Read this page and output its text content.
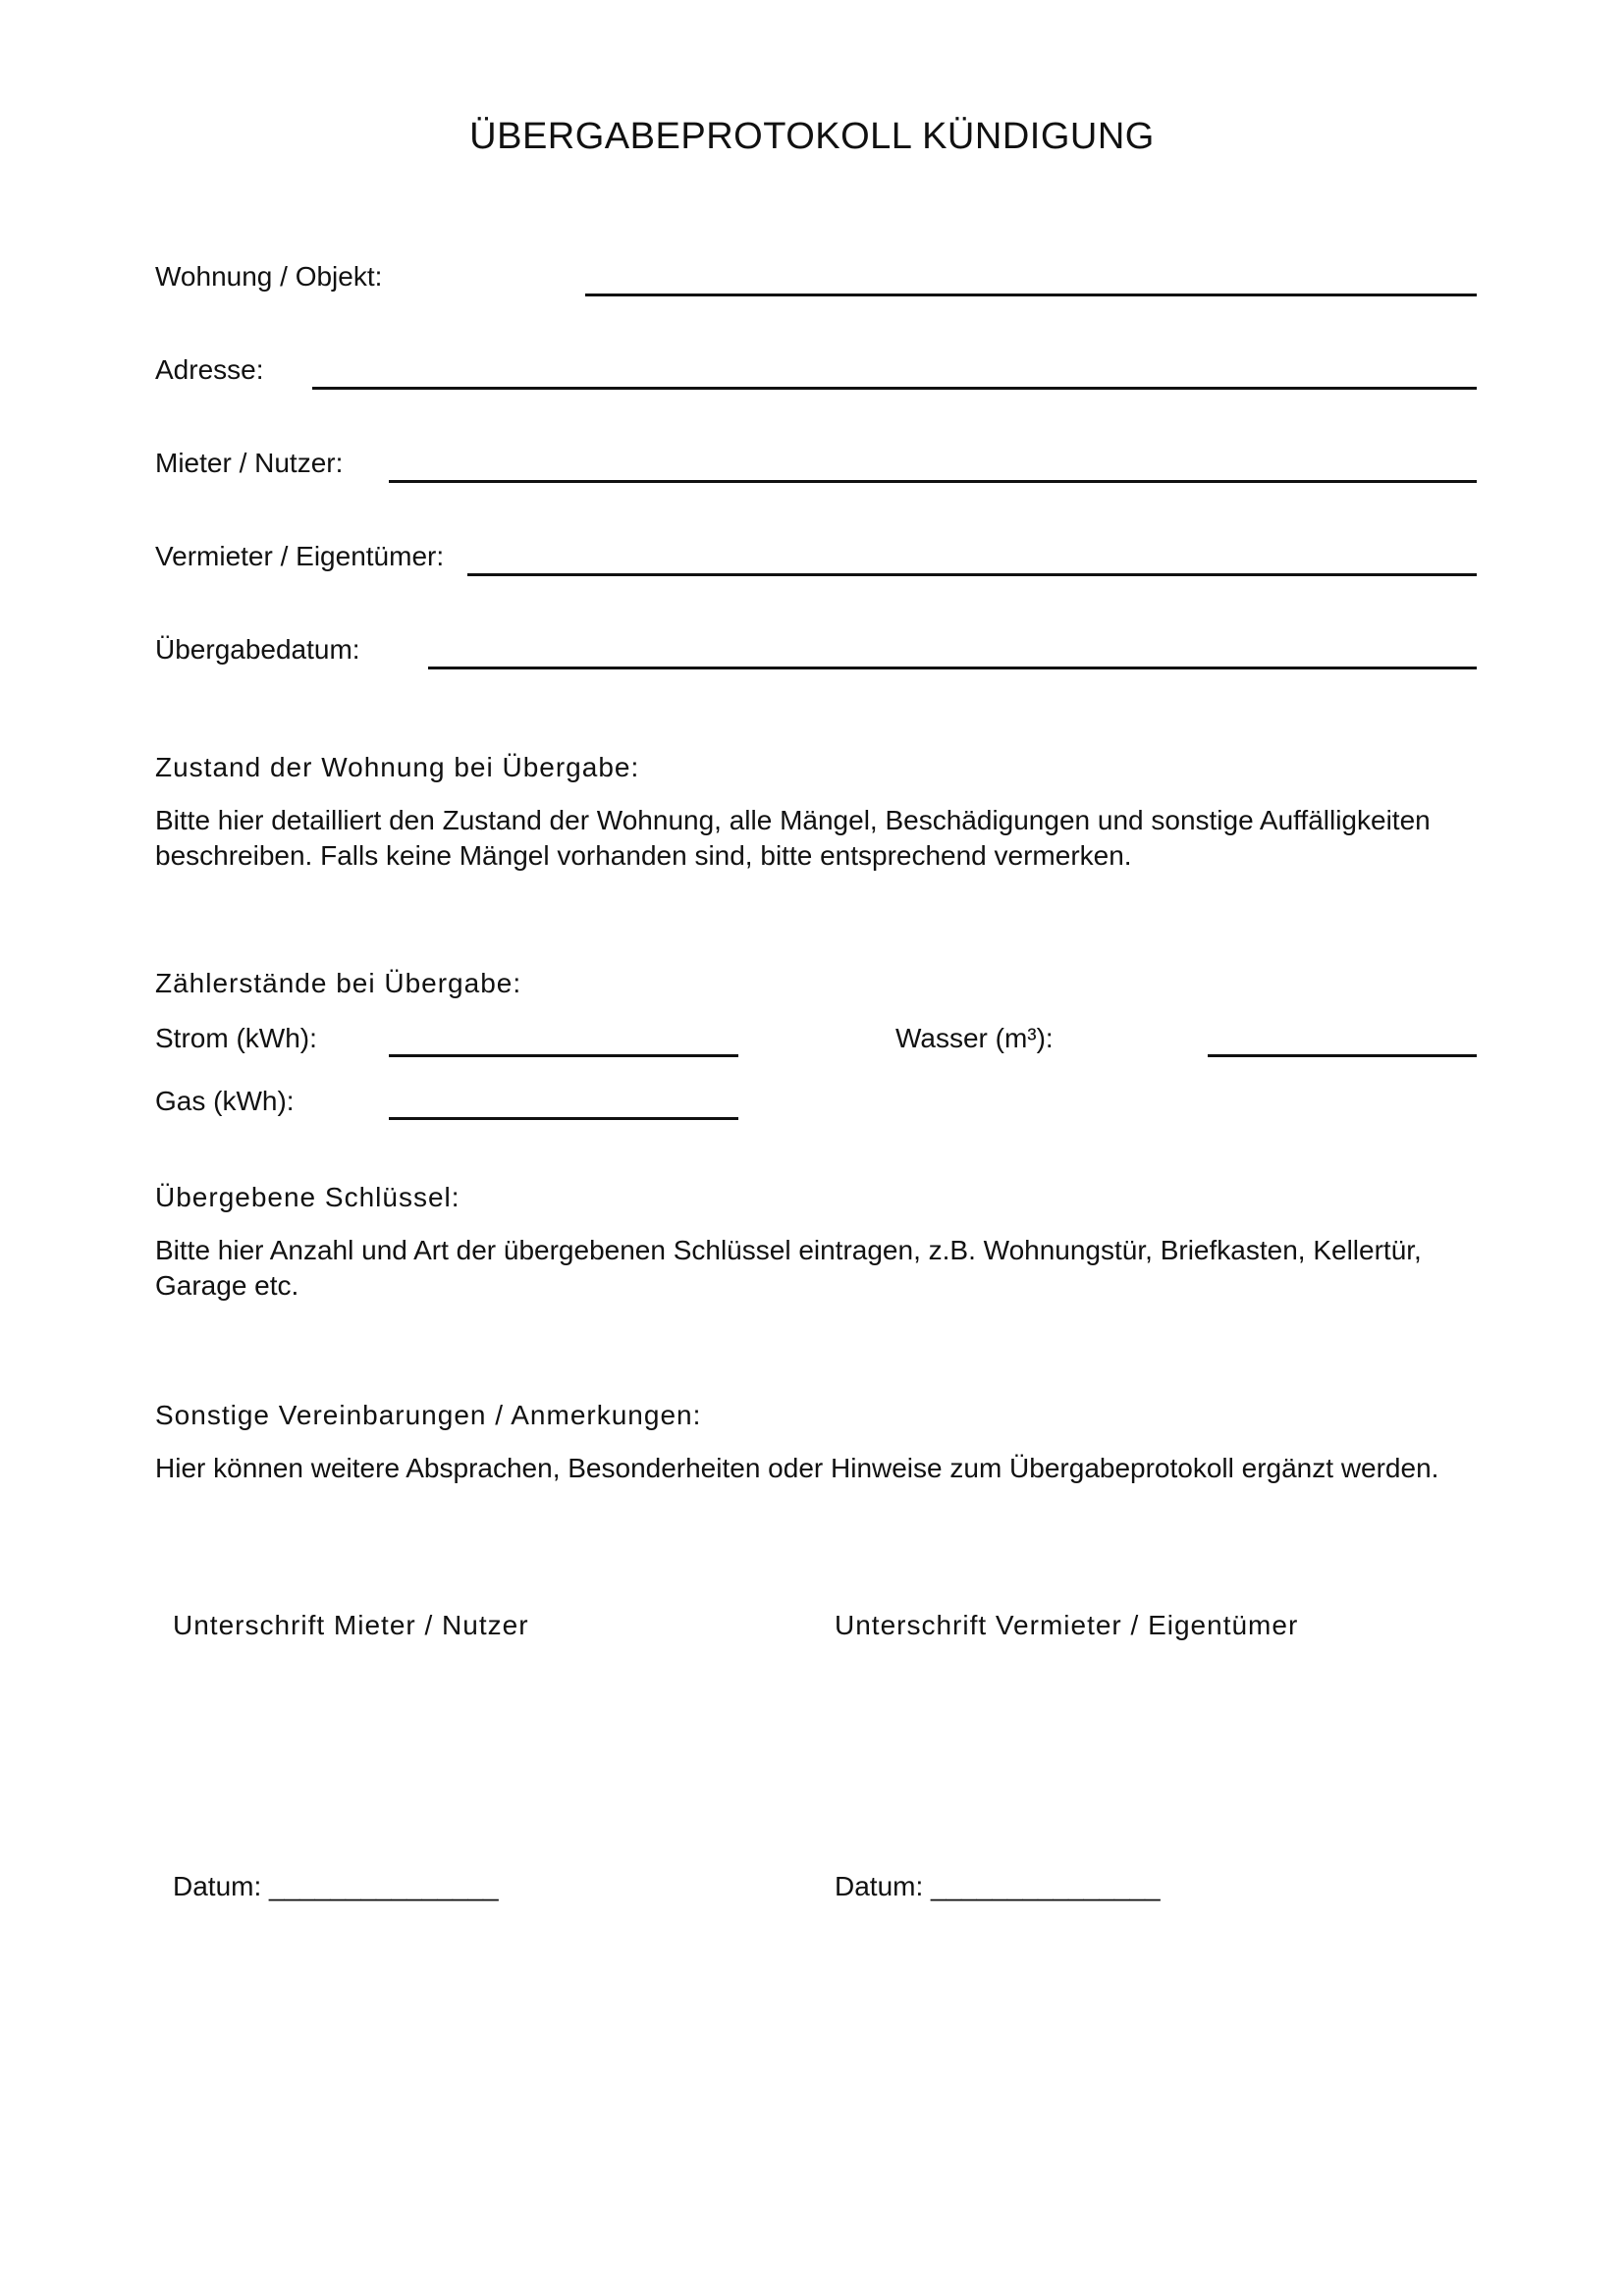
ÜBERGABEPROTOKOLL KÜNDIGUNG
Wohnung / Objekt:
Adresse:
Mieter / Nutzer:
Vermieter / Eigentümer:
Übergabedatum:
Zustand der Wohnung bei Übergabe:
Bitte hier detailliert den Zustand der Wohnung, alle Mängel, Beschädigungen und sonstige Auffälligkeiten beschreiben. Falls keine Mängel vorhanden sind, bitte entsprechend vermerken.
Zählerstände bei Übergabe:
Strom (kWh):	Wasser (m³):
Gas (kWh):
Übergebene Schlüssel:
Bitte hier Anzahl und Art der übergebenen Schlüssel eintragen, z.B. Wohnungstür, Briefkasten, Kellertür, Garage etc.
Sonstige Vereinbarungen / Anmerkungen:
Hier können weitere Absprachen, Besonderheiten oder Hinweise zum Übergabeprotokoll ergänzt werden.
Unterschrift Mieter / Nutzer	Unterschrift Vermieter / Eigentümer
Datum: _______________	Datum: _______________
